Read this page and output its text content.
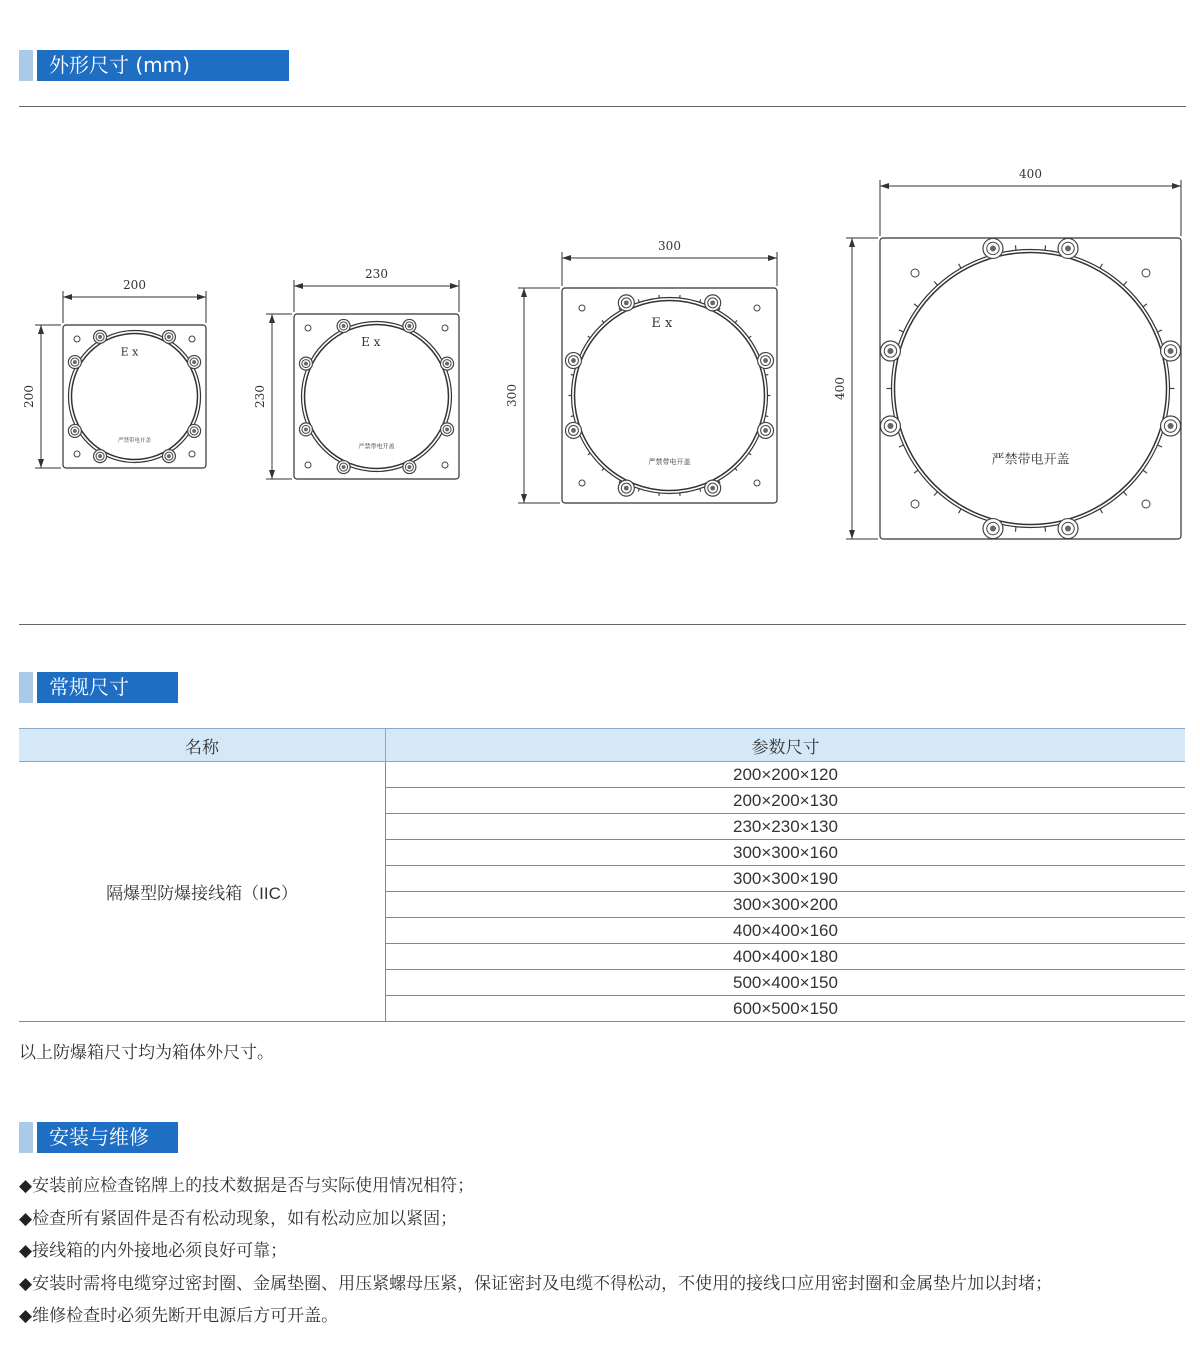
外形尺寸 (mm)
E x
严禁带电开盖
200
200
E x
严禁带电开盖
230
230
E x
严禁带电开盖
300
300
严禁带电开盖
400
400
常规尺寸
名称	参数尺寸
隔爆型防爆接线箱（IIC）	200×200×120
	200×200×130
	230×230×130
	300×300×160
	300×300×190
	300×300×200
	400×400×160
	400×400×180
	500×400×150
	600×500×150
以上防爆箱尺寸均为箱体外尺寸。
安装与维修
◆安装前应检查铭牌上的技术数据是否与实际使用情况相符；
◆检查所有紧固件是否有松动现象，如有松动应加以紧固；
◆接线箱的内外接地必须良好可靠；
◆安装时需将电缆穿过密封圈、金属垫圈、用压紧螺母压紧，保证密封及电缆不得松动，不使用的接线口应用密封圈和金属垫片加以封堵；
◆维修检查时必须先断开电源后方可开盖。
